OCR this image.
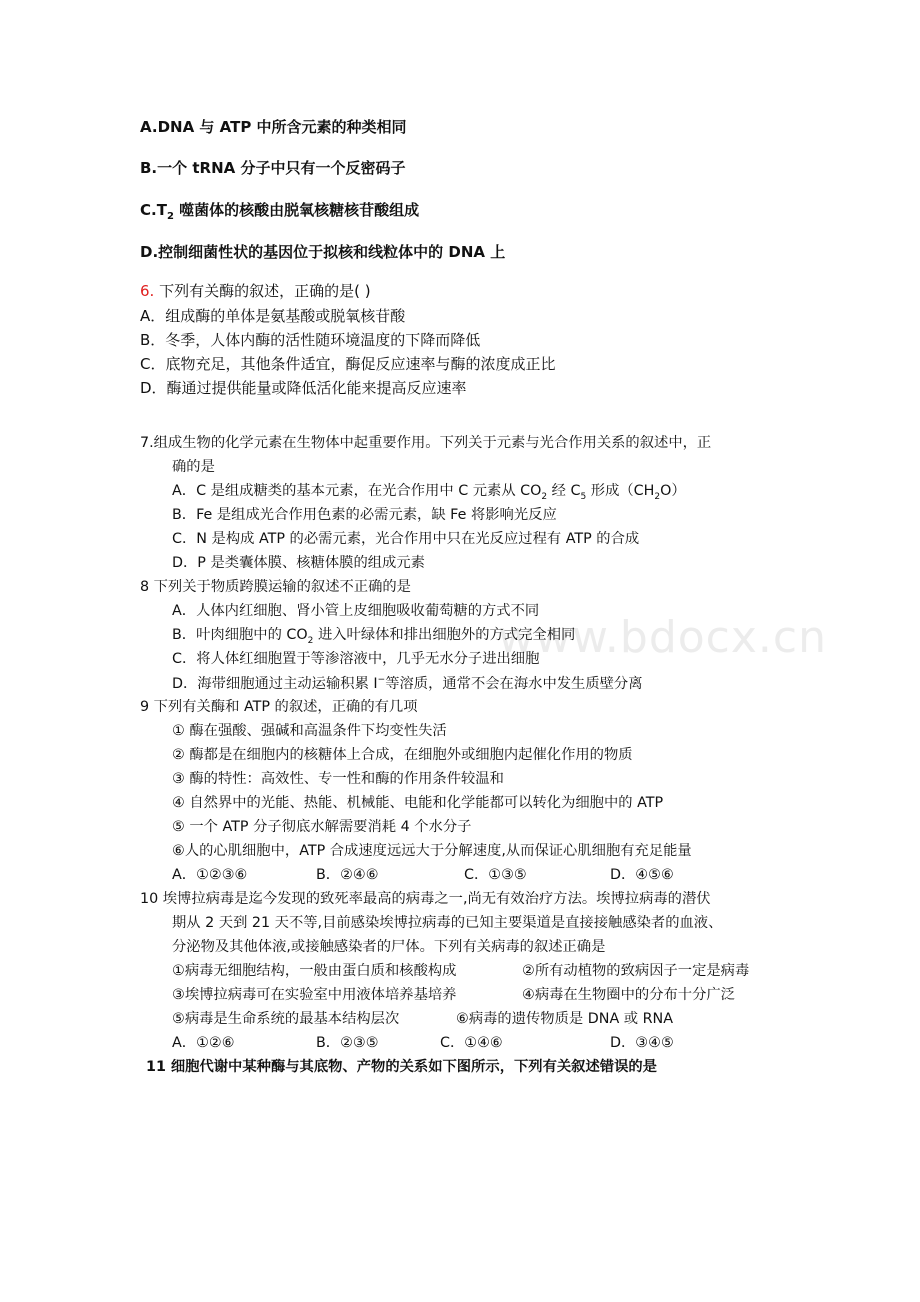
www.bdocx.cn
A.DNA 与 ATP 中所含元素的种类相同
B.一个 tRNA 分子中只有一个反密码子
$C.T_2$ 噬菌体的核酸由脱氧核糖核苷酸组成
D.控制细菌性状的基因位于拟核和线粒体中的 DNA 上
6. 下列有关酶的叙述，正确的是( )
A．组成酶的单体是氨基酸或脱氧核苷酸
B．冬季，人体内酶的活性随环境温度的下降而降低
C．底物充足，其他条件适宜，酶促反应速率与酶的浓度成正比
D．酶通过提供能量或降低活化能来提高反应速率
7.组成生物的化学元素在生物体中起重要作用。下列关于元素与光合作用关系的叙述中，正
确的是
A．C 是组成糖类的基本元素，在光合作用中 C 元素从 $CO_2$ 经 $C_5$ 形成$(CH_2O)$
B．Fe 是组成光合作用色素的必需元素，缺 Fe 将影响光反应
C．N 是构成 ATP 的必需元素，光合作用中只在光反应过程有 ATP 的合成
D．P 是类囊体膜、核糖体膜的组成元素
8 下列关于物质跨膜运输的叙述不正确的是
A．人体内红细胞、肾小管上皮细胞吸收葡萄糖的方式不同
B．叶肉细胞中的 $CO_2$ 进入叶绿体和排出细胞外的方式完全相同
C．将人体红细胞置于等渗溶液中，几乎无水分子进出细胞
D．海带细胞通过主动运输积累 I−等溶质，通常不会在海水中发生质壁分离
9 下列有关酶和 ATP 的叙述，正确的有几项
① 酶在强酸、强碱和高温条件下均变性失活
② 酶都是在细胞内的核糖体上合成，在细胞外或细胞内起催化作用的物质
③ 酶的特性：高效性、专一性和酶的作用条件较温和
④ 自然界中的光能、热能、机械能、电能和化学能都可以转化为细胞中的 ATP
⑤ 一个 ATP 分子彻底水解需要消耗 4 个水分子
⑥人的心肌细胞中，ATP 合成速度远远大于分解速度,从而保证心肌细胞有充足能量
A．①②③⑥	B．②④⑥	C．①③⑤	D．④⑤⑥
10 埃博拉病毒是迄今发现的致死率最高的病毒之一,尚无有效治疗方法。埃博拉病毒的潜伏
期从 2 天到 21 天不等,目前感染埃博拉病毒的已知主要渠道是直接接触感染者的血液、
分泌物及其他体液,或接触感染者的尸体。下列有关病毒的叙述正确是
①病毒无细胞结构，一般由蛋白质和核酸构成	②所有动植物的致病因子一定是病毒
③埃博拉病毒可在实验室中用液体培养基培养	④病毒在生物圈中的分布十分广泛
⑤病毒是生命系统的最基本结构层次	⑥病毒的遗传物质是 DNA 或 RNA
A．①②⑥	B．②③⑤	C．①④⑥	D．③④⑤
11 细胞代谢中某种酶与其底物、产物的关系如下图所示，下列有关叙述错误的是
